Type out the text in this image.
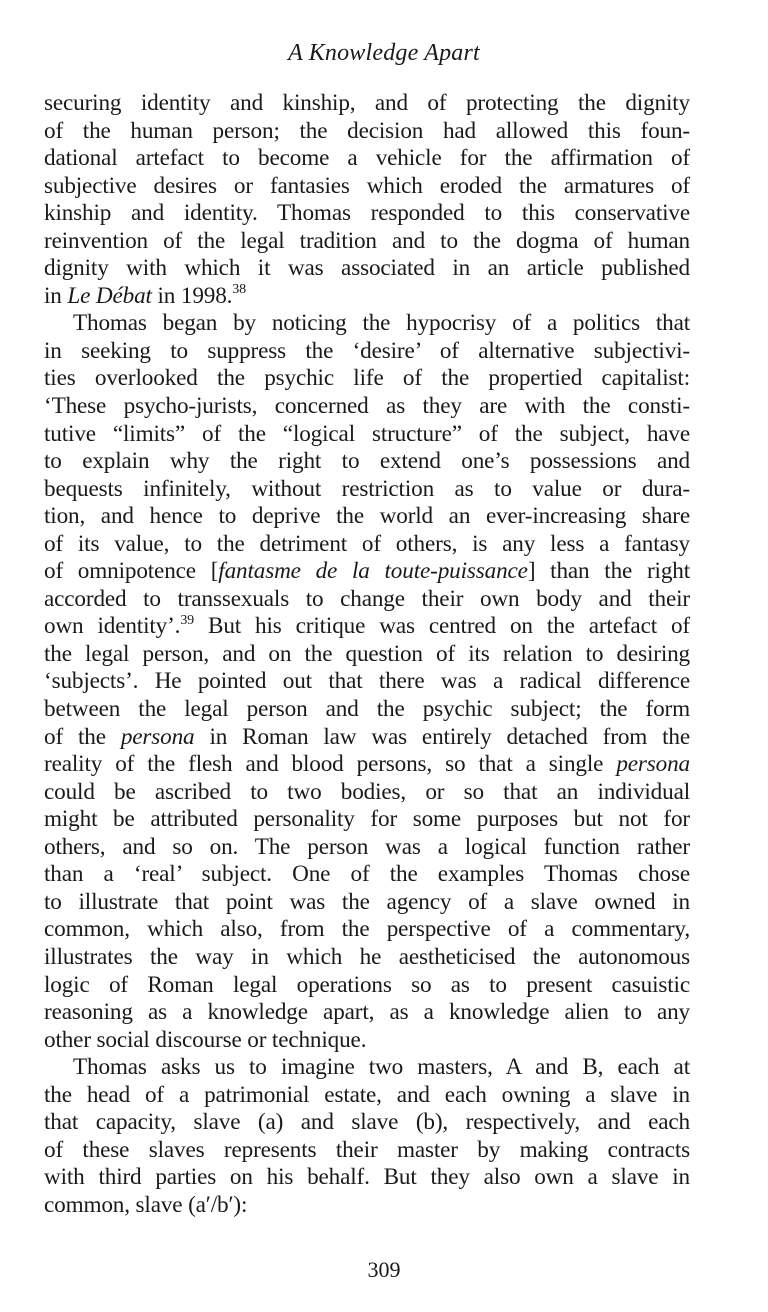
A Knowledge Apart
securing identity and kinship, and of protecting the dignity
of the human person; the decision had allowed this foun-
dational artefact to become a vehicle for the affirmation of
subjective desires or fantasies which eroded the armatures of
kinship and identity. Thomas responded to this conservative
reinvention of the legal tradition and to the dogma of human
dignity with which it was associated in an article published
in Le Débat in 1998.38
Thomas began by noticing the hypocrisy of a politics that
in seeking to suppress the ‘desire’ of alternative subjectivi-
ties overlooked the psychic life of the propertied capitalist:
‘These psycho-jurists, concerned as they are with the consti-
tutive “limits” of the “logical structure” of the subject, have
to explain why the right to extend one’s possessions and
bequests infinitely, without restriction as to value or dura-
tion, and hence to deprive the world an ever-increasing share
of its value, to the detriment of others, is any less a fantasy
of omnipotence [fantasme de la toute-puissance] than the right
accorded to transsexuals to change their own body and their
own identity’.$^{39}$ But his critique was centred on the artefact of
the legal person, and on the question of its relation to desiring
‘subjects’. He pointed out that there was a radical difference
between the legal person and the psychic subject; the form
of the persona in Roman law was entirely detached from the
reality of the flesh and blood persons, so that a single persona
could be ascribed to two bodies, or so that an individual
might be attributed personality for some purposes but not for
others, and so on. The person was a logical function rather
than a ‘real’ subject. One of the examples Thomas chose
to illustrate that point was the agency of a slave owned in
common, which also, from the perspective of a commentary,
illustrates the way in which he aestheticised the autonomous
logic of Roman legal operations so as to present casuistic
reasoning as a knowledge apart, as a knowledge alien to any
other social discourse or technique.
Thomas asks us to imagine two masters, A and B, each at
the head of a patrimonial estate, and each owning a slave in
that capacity, slave (a) and slave (b), respectively, and each
of these slaves represents their master by making contracts
with third parties on his behalf. But they also own a slave in
common, slave (a′/b′):
309
